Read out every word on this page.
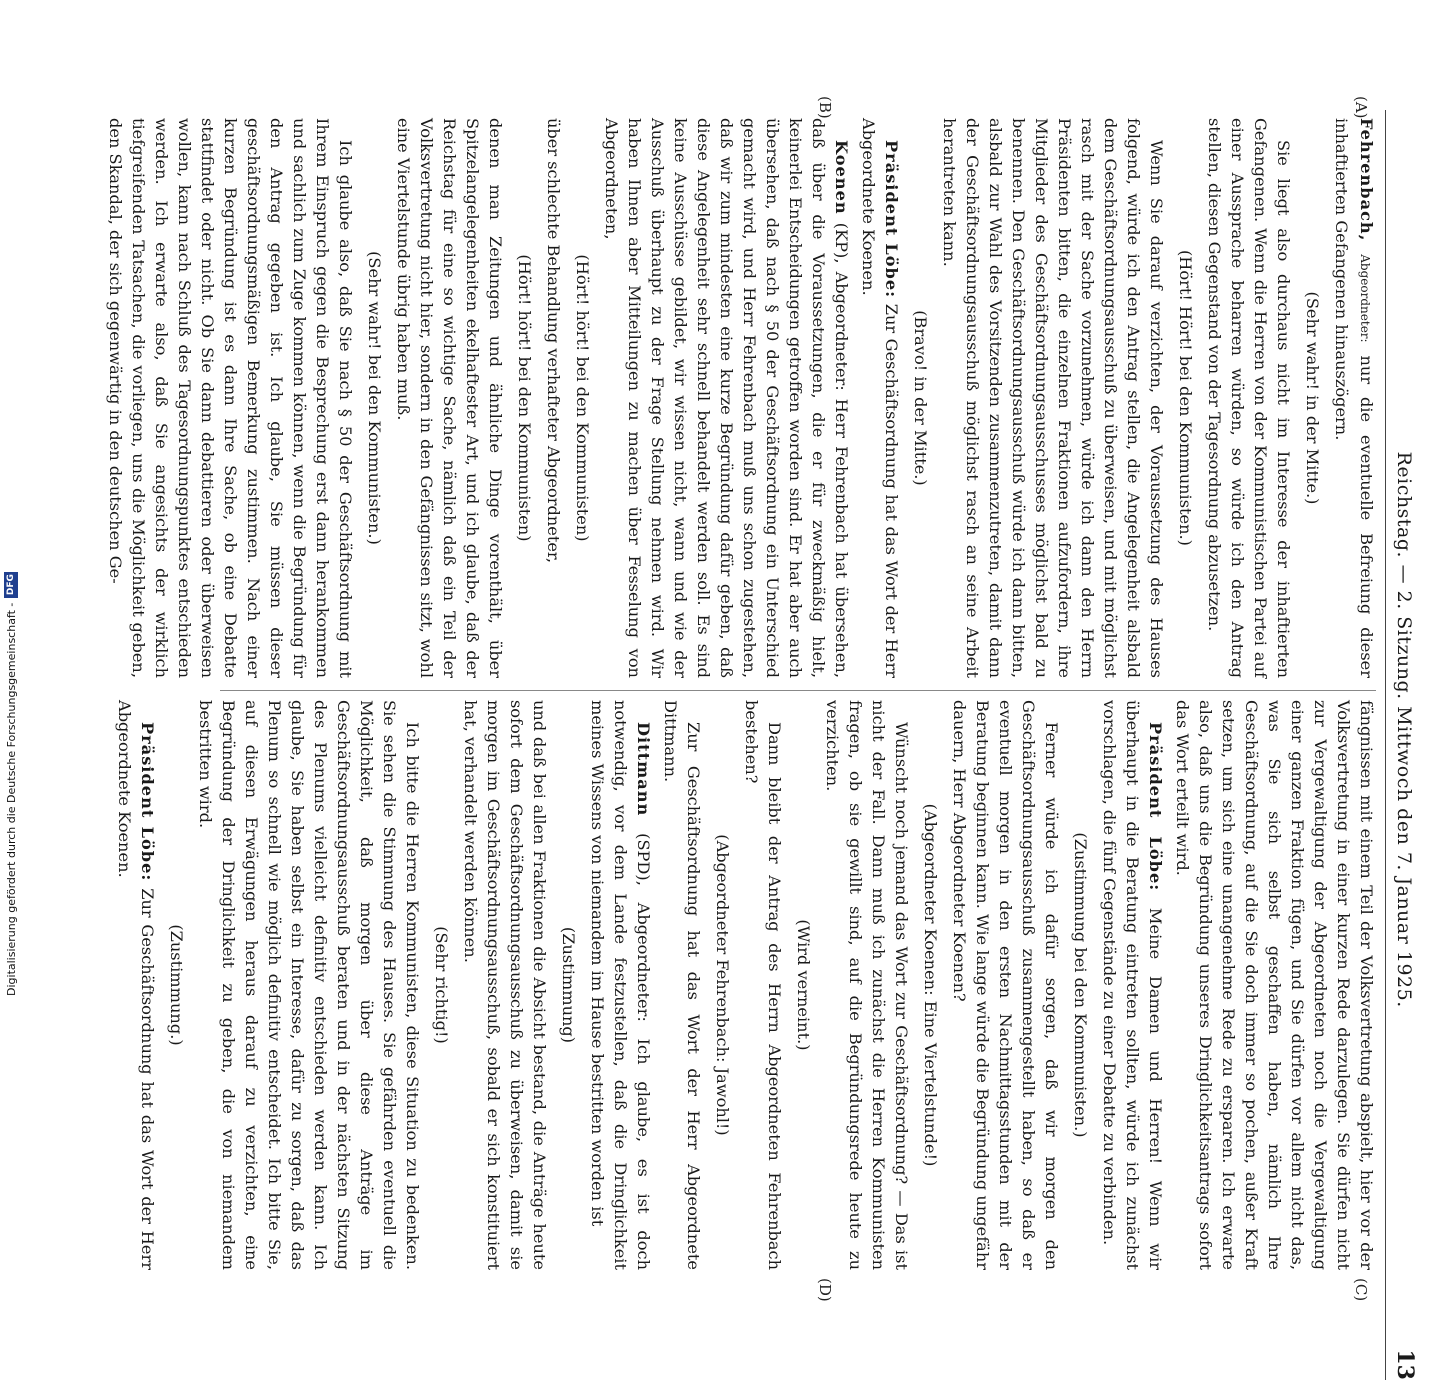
Reichstag. — 2. Sitzung. Mittwoch den 7. Januar 1925.
13
(A)
(B)
(C)
(D)

Fehrenbach, Abgeordneter: nur die eventuelle Befreiung dieser inhaftierten Gefangenen hinauszögern.

(Sehr wahr! in der Mitte.)

Sie liegt also durchaus nicht im Interesse der inhaftierten Gefangenen. Wenn die Herren von der Kommunistischen Partei auf einer Aussprache beharren würden, so würde ich den Antrag stellen, diesen Gegenstand von der Tagesordnung abzusetzen.

(Hört! Hört! bei den Kommunisten.)

Wenn Sie darauf verzichten, der Voraussetzung des Hauses folgend, würde ich den Antrag stellen, die Angelegenheit alsbald dem Geschäftsordnungsausschuß zu überweisen, und mit möglichst rasch mit der Sache vorzunehmen, würde ich dann den Herrn Präsidenten bitten, die einzelnen Fraktionen aufzufordern, ihre Mitglieder des Geschäftsordnungsausschusses möglichst bald zu benennen. Den Geschäftsordnungsausschuß würde ich dann bitten, alsbald zur Wahl des Vorsitzenden zusammenzutreten, damit dann der Geschäftsordnungsausschuß möglichst rasch an seine Arbeit herantreten kann.

(Bravo! in der Mitte.)

Präsident Löbe: Zur Geschäftsordnung hat das Wort der Herr Abgeordnete Koenen.

Koenen (KP), Abgeordneter: Herr Fehrenbach hat übersehen, daß über die Voraussetzungen, die er für zweckmäßig hielt, keinerlei Entscheidungen getroffen worden sind. Er hat aber auch übersehen, daß nach § 50 der Geschäftsordnung ein Unterschied gemacht wird, und Herr Fehrenbach muß uns schon zugestehen, daß wir zum mindesten eine kurze Begründung dafür geben, daß diese Angelegenheit sehr schnell behandelt werden soll. Es sind keine Ausschüsse gebildet, wir wissen nicht, wann und wie der Ausschuß überhaupt zu der Frage Stellung nehmen wird. Wir haben Ihnen aber Mitteilungen zu machen über Fesselung von Abgeordneten,

(Hört! hört! bei den Kommunisten)

über schlechte Behandlung verhafteter Abgeordneter,

(Hört! hört! bei den Kommunisten)

denen man Zeitungen und ähnliche Dinge vorenthält, über Spitzelangelegenheiten ekelhaftester Art, und ich glaube, daß der Reichstag für eine so wichtige Sache, nämlich daß ein Teil der Volksvertretung nicht hier, sondern in den Gefängnissen sitzt, wohl eine Viertelstunde übrig haben muß.

(Sehr wahr! bei den Kommunisten.)

Ich glaube also, daß Sie nach § 50 der Geschäftsordnung mit Ihrem Einspruch gegen die Besprechung erst dann herankommen und sachlich zum Zuge kommen können, wenn die Begründung für den Antrag gegeben ist. Ich glaube, Sie müssen dieser geschäftsordnungsmäßigen Bemerkung zustimmen. Nach einer kurzen Begründung ist es dann Ihre Sache, ob eine Debatte stattfindet oder nicht. Ob Sie dann debattieren oder überweisen wollen, kann nach Schluß des Tagesordnungspunktes entschieden werden. Ich erwarte also, daß Sie angesichts der wirklich tiefgreifenden Tatsachen, die vorliegen, uns die Möglichkeit geben, den Skandal, der sich gegenwärtig in den deutschen Ge-

fängnissen mit einem Teil der Volksvertretung abspielt, hier vor der Volksvertretung in einer kurzen Rede darzulegen. Sie dürfen nicht zur Vergewaltigung der Abgeordneten noch die Vergewaltigung einer ganzen Fraktion fügen, und Sie dürfen vor allem nicht das, was Sie sich selbst geschaffen haben, nämlich Ihre Geschäftsordnung, auf die Sie doch immer so pochen, außer Kraft setzen, um sich eine unangenehme Rede zu ersparen. Ich erwarte also, daß uns die Begründung unseres Dringlichkeitsantrags sofort das Wort erteilt wird.

Präsident Löbe: Meine Damen und Herren! Wenn wir überhaupt in die Beratung eintreten sollten, würde ich zunächst vorschlagen, die fünf Gegenstände zu einer Debatte zu verbinden.

(Zustimmung bei den Kommunisten.)

Ferner würde ich dafür sorgen, daß wir morgen den Geschäftsordnungsausschuß zusammengestellt haben, so daß er eventuell morgen in den ersten Nachmittagsstunden mit der Beratung beginnen kann. Wie lange würde die Begründung ungefähr dauern, Herr Abgeordneter Koenen?

(Abgeordneter Koenen: Eine Viertelstunde!)

Wünscht noch jemand das Wort zur Geschäftsordnung? — Das ist nicht der Fall. Dann muß ich zunächst die Herren Kommunisten fragen, ob sie gewillt sind, auf die Begründungsrede heute zu verzichten.

(Wird verneint.)

Dann bleibt der Antrag des Herrn Abgeordneten Fehrenbach bestehen?

(Abgeordneter Fehrenbach: Jawohl!)

Zur Geschäftsordnung hat das Wort der Herr Abgeordnete Dittmann.

Dittmann (SPD), Abgeordneter: Ich glaube, es ist doch notwendig, vor dem Lande festzustellen, daß die Dringlichkeit meines Wissens von niemandem im Hause bestritten worden ist

(Zustimmung)

und daß bei allen Fraktionen die Absicht bestand, die Anträge heute sofort dem Geschäftsordnungsausschuß zu überweisen, damit sie morgen im Geschäftsordnungsausschuß, sobald er sich konstituiert hat, verhandelt werden können.

(Sehr richtig!)

Ich bitte die Herren Kommunisten, diese Situation zu bedenken. Sie sehen die Stimmung des Hauses. Sie gefährden eventuell die Möglichkeit, daß morgen über diese Anträge im Geschäftsordnungsausschuß beraten und in der nächsten Sitzung des Plenums vielleicht definitiv entschieden werden kann. Ich glaube, Sie haben selbst ein Interesse, dafür zu sorgen, daß das Plenum so schnell wie möglich definitiv entscheidet. Ich bitte Sie, auf diesen Erwägungen heraus darauf zu verzichten, eine Begründung der Dringlichkeit zu geben, die von niemandem bestritten wird.

(Zustimmung.)

Präsident Löbe: Zur Geschäftsordnung hat das Wort der Herr Abgeordnete Koenen.

Digitalisierung gefördert durch die Deutsche Forschungsgemeinschaft -
DFG
